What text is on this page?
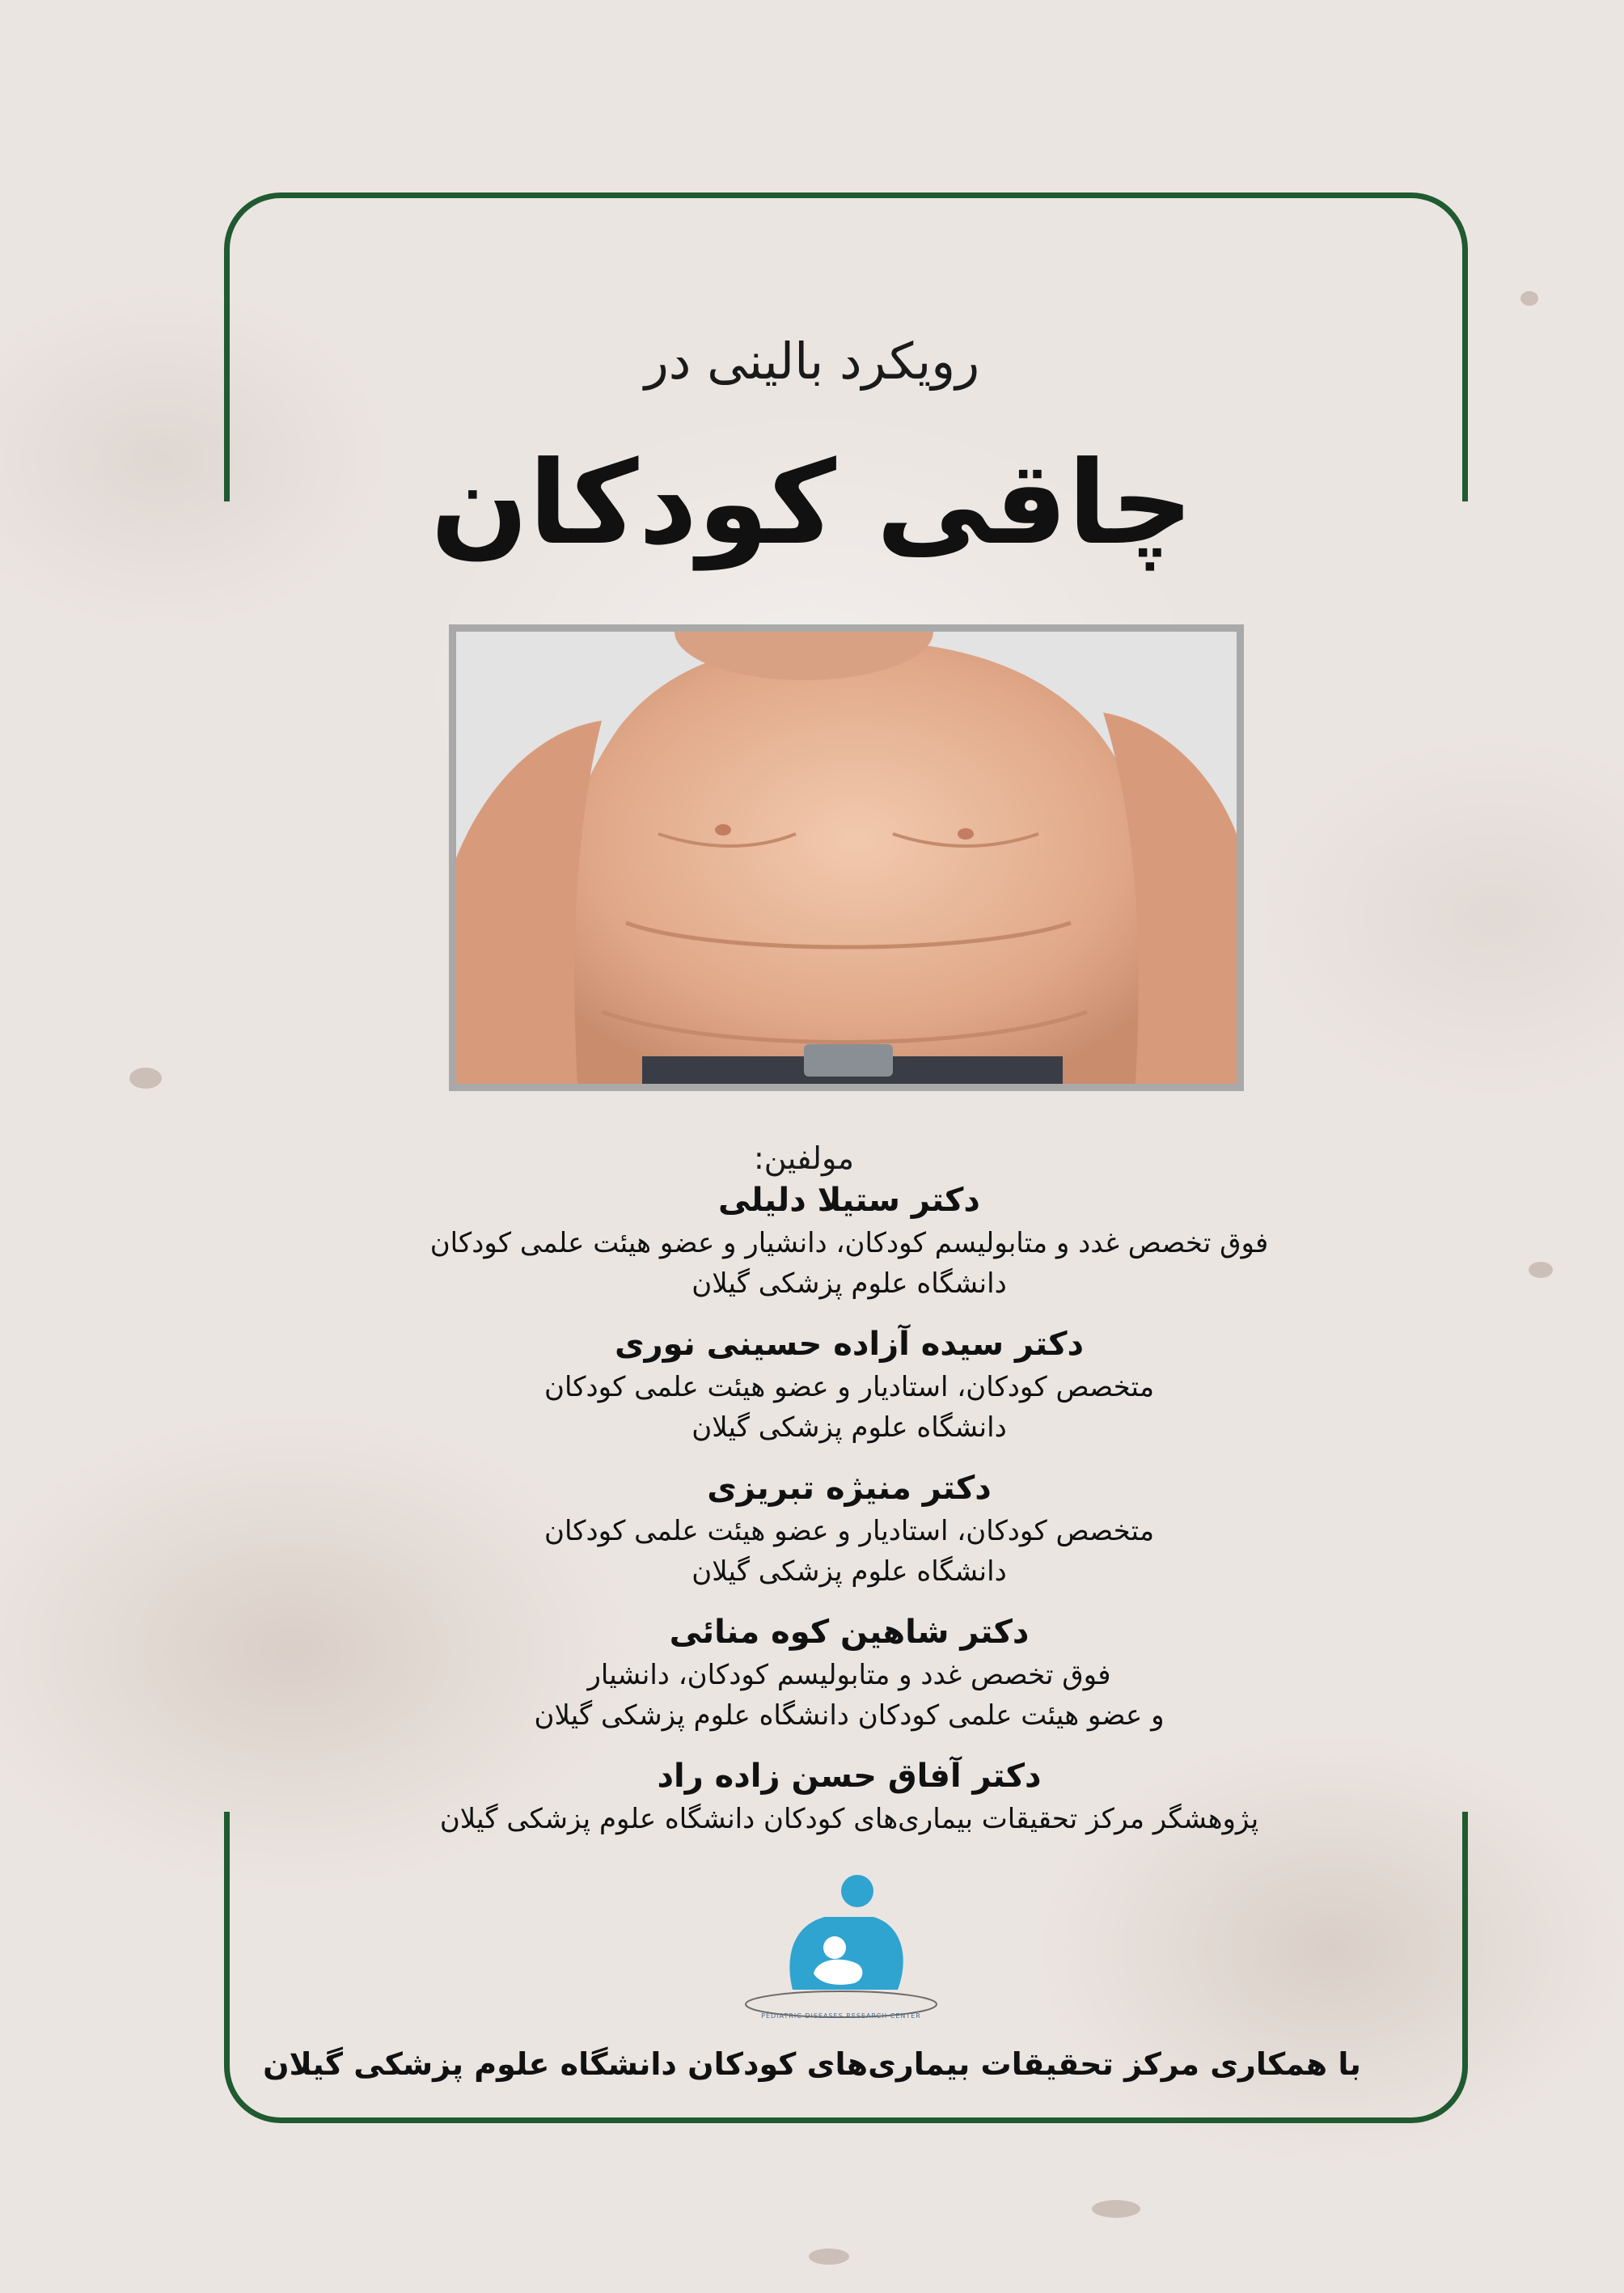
رویکرد بالینی در
چاقی کودکان
مولفین:
دکتر ستیلا دلیلی
فوق تخصص غدد و متابولیسم کودکان، دانشیار و عضو هیئت علمی کودکان
دانشگاه علوم پزشکی گیلان
دکتر سیده آزاده حسینی نوری
متخصص کودکان، استادیار و عضو هیئت علمی کودکان
دانشگاه علوم پزشکی گیلان
دکتر منیژه تبریزی
متخصص کودکان، استادیار و عضو هیئت علمی کودکان
دانشگاه علوم پزشکی گیلان
دکتر شاهین کوه منائی
فوق تخصص غدد و متابولیسم کودکان، دانشیار
و عضو هیئت علمی کودکان دانشگاه علوم پزشکی گیلان
دکتر آفاق حسن زاده راد
پژوهشگر مرکز تحقیقات بیماری‌های کودکان دانشگاه علوم پزشکی گیلان
PEDIATRIC DISEASES RESEARCH CENTER
با همکاری مرکز تحقیقات بیماری‌های کودکان دانشگاه علوم پزشکی گیلان
